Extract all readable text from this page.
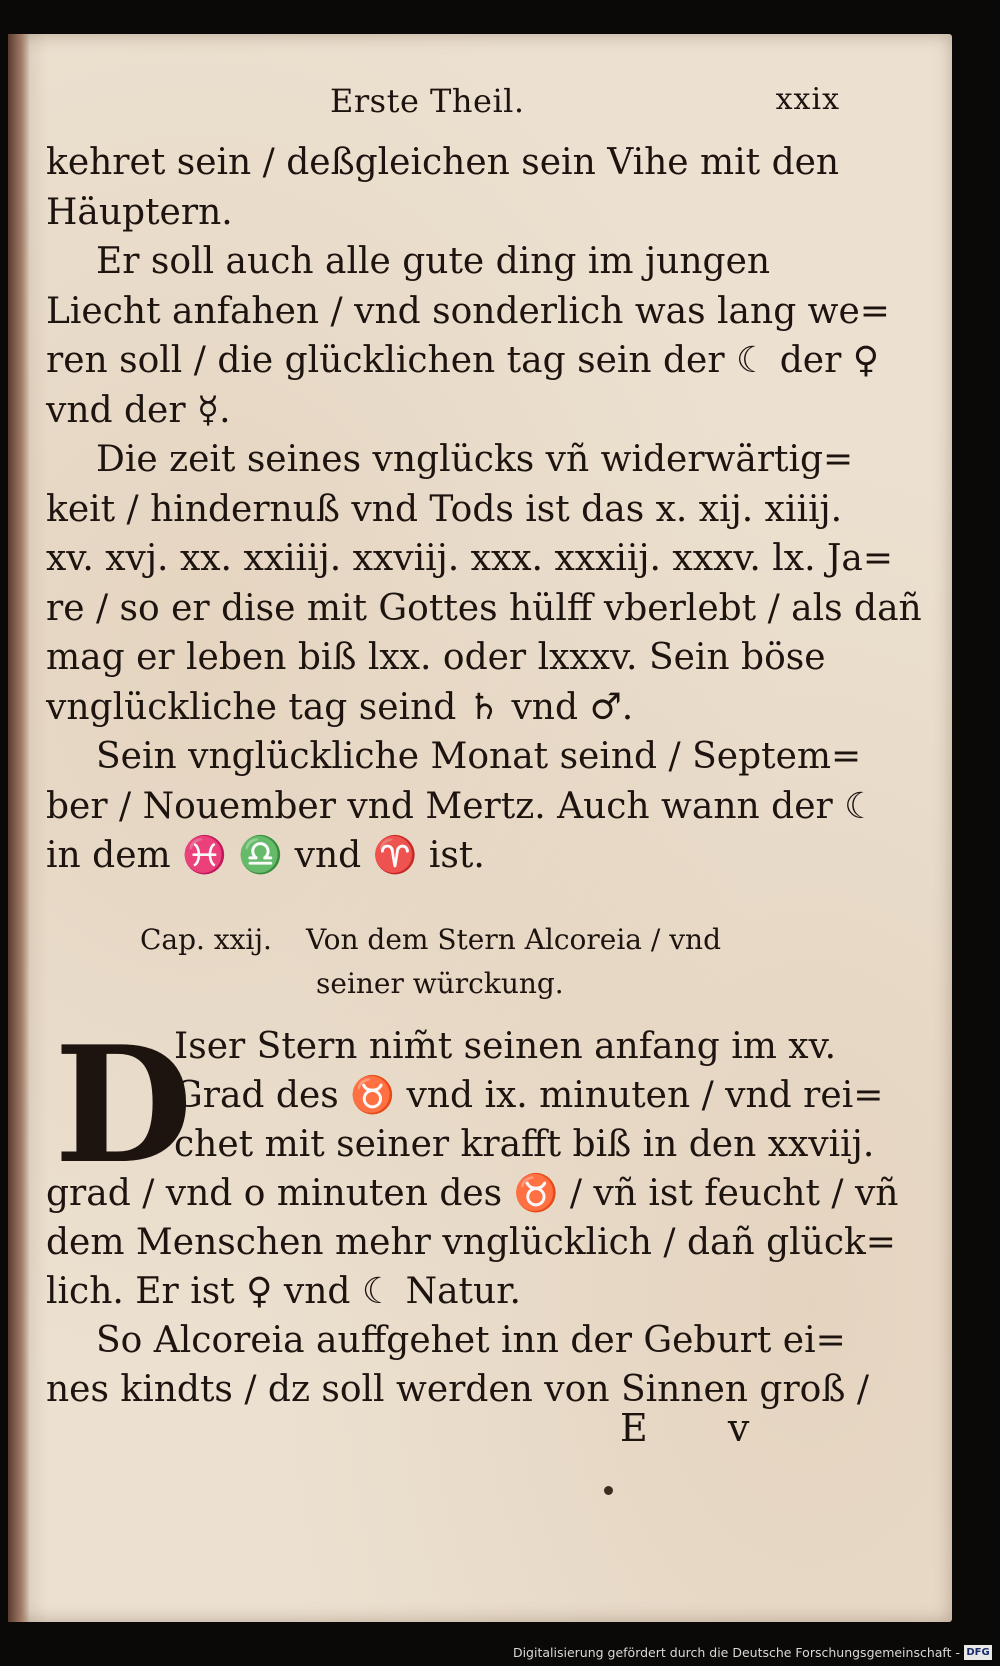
Erste Theil.	xxix
kehret sein / deßgleichen sein Vihe mit den
Häuptern.
Er soll auch alle gute ding im jungen
Liecht anfahen / vnd sonderlich was lang we=
ren soll / die glücklichen tag sein der ☾ der ♀
vnd der ☿.
Die zeit seines vnglücks vñ widerwärtig=
keit / hindernuß vnd Tods ist das x. xij. xiiij.
xv. xvj. xx. xxiiij. xxviij. xxx. xxxiij. xxxv. lx. Ja=
re / so er dise mit Gottes hülff vberlebt / als dañ
mag er leben biß lxx. oder lxxxv. Sein böse
vnglückliche tag seind ♄ vnd ♂.
Sein vnglückliche Monat seind / Septem=
ber / Nouember vnd Mertz. Auch wann der ☾
in dem ♓ ♎ vnd ♈ ist.
Cap. xxij. Von dem Stern Alcoreia / vnd
seiner würckung.
D
Iser Stern nim̃t seinen anfang im xv.
Grad des ♉ vnd ix. minuten / vnd rei=
chet mit seiner krafft biß in den xxviij.
grad / vnd o minuten des ♉ / vñ ist feucht / vñ
dem Menschen mehr vnglücklich / dañ glück=
lich. Er ist ♀ vnd ☾ Natur.
So Alcoreia auffgehet inn der Geburt ei=
nes kindts / dz soll werden von Sinnen groß /
E v
Digitalisierung gefördert durch die Deutsche Forschungsgemeinschaft - DFG
